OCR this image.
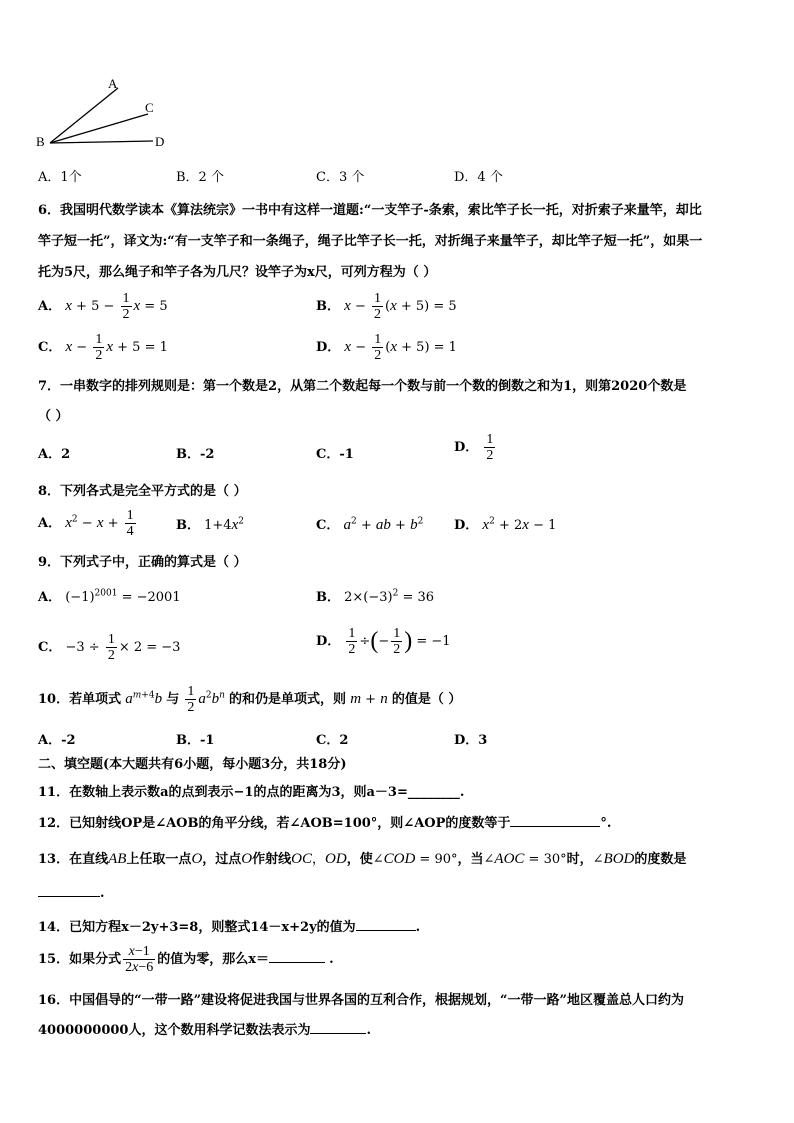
A
B
C
D
A．1个	B．2 个	C．3 个	D．4 个
6．我国明代数学读本《算法统宗》一书中有这样一道题:“一支竿子-条索，索比竿子长一托，对折索子来量竿，却比
竿子短一托”，译文为:“有一支竿子和一条绳子，绳子比竿子长一托，对折绳子来量竿子，却比竿子短一托”，如果一
托为5尺，那么绳子和竿子各为几尺？设竿子为x尺，可列方程为（ ）
A． $x + 5 - \frac{1}{2}$ x = 5	B． $x - \frac{1}{2} (x + 5) = 5$
C． $x - \frac{1}{2}$ x + 5 = 1	D． $x - \frac{1}{2} (x + 5) = 1$
7．一串数字的排列规则是：第一个数是2，从第二个数起每一个数与前一个数的倒数之和为1，则第2020个数是
（ ）
A．2	B．-2	C．-1	D． $\frac{1}{2}$
8．下列各式是完全平方式的是（ ）
A． $x^2 - x + \frac{1}{4}$	B． $1+4x^2$	C． $a^2$ + ab + $b^2$ D． $x^2 + 2x - 1$
9．下列式子中，正确的算式是（ ）
A． $(-1)^{2001} = -2001$	B． $2\times(-3)^2 = 36$
C． $-3 \div \frac{1}{2} \times 2 = -3$	D． $\frac{1}{2}$ ÷(− $\frac{1}{2}$ ) = −1
10．若单项式 $a^{m+4}b$ 与 $\frac{1}{2} a^2b^n$ 的和仍是单项式，则 m + n 的值是（ ）
A．-2	B．-1	C．2	D．3
二、填空题(本大题共有6小题，每小题3分，共18分)
11．在数轴上表示数a的点到表示−1的点的距离为3，则a－3=________.
12．已知射线OP是∠AOB的角平分线，若∠AOB=100°，则∠AOP的度数等于	°.
13．在直线AB上任取一点O，过点O作射线OC，OD，使∠COD = 90°，当∠AOC = 30°时，∠BOD的度数是
.
14．已知方程x－2y+3=8，则整式14－x+2y的值为	.
15．如果分式 $\frac{x-1}{2x-6}$ 的值为零，那么x＝	.
16．中国倡导的“一带一路”建设将促进我国与世界各国的互利合作，根据规划，“一带一路”地区覆盖总人口约为
4000000000人，这个数用科学记数法表示为	.
